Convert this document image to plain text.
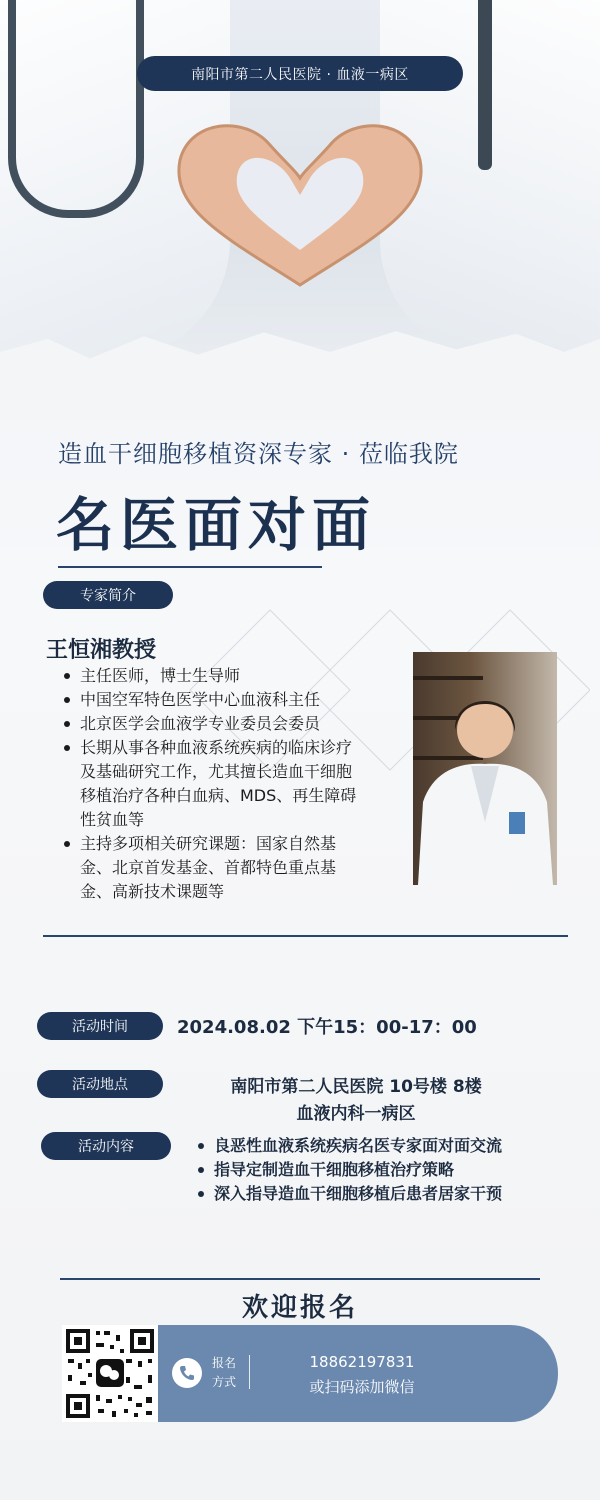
南阳市第二人民医院 · 血液一病区
造血干细胞移植资深专家 · 莅临我院
名医面对面
专家简介
王恒湘教授
主任医师，博士生导师
中国空军特色医学中心血液科主任
北京医学会血液学专业委员会委员
长期从事各种血液系统疾病的临床诊疗
及基础研究工作，尤其擅长造血干细胞
移植治疗各种白血病、MDS、再生障碍
性贫血等
主持多项相关研究课题：国家自然基
金、北京首发基金、首都特色重点基
金、高新技术课题等
活动时间	2024.08.02 下午15：00-17：00
活动地点	南阳市第二人民医院 10号楼 8楼
血液内科一病区
活动内容	良恶性血液系统疾病名医专家面对面交流
指导定制造血干细胞移植治疗策略
深入指导造血干细胞移植后患者居家干预
欢迎报名
报名
方式
18862197831
或扫码添加微信
